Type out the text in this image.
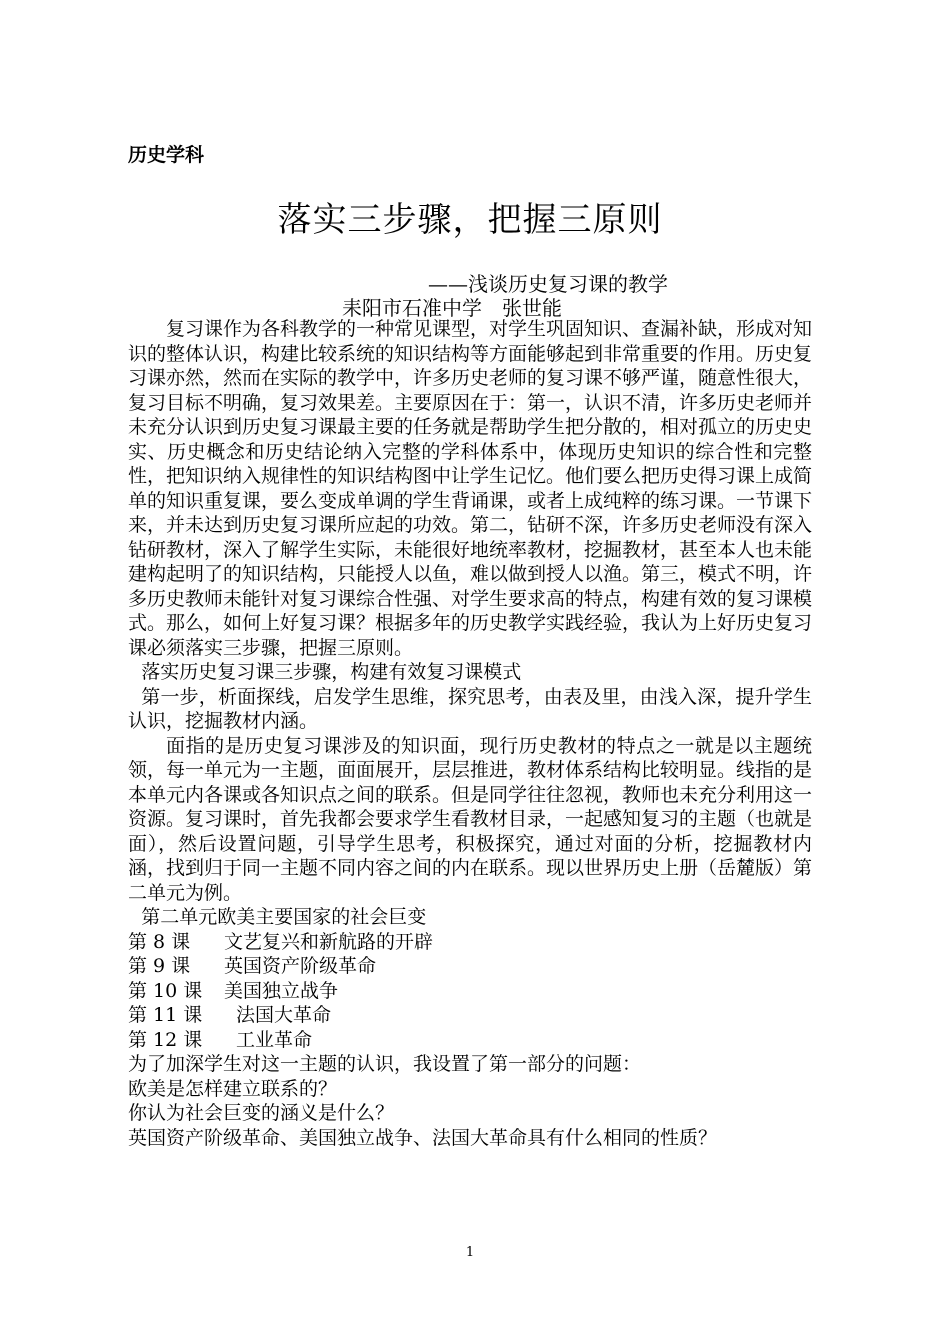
历史学科

落实三步骤，把握三原则

——浅谈历史复习课的教学

耒阳市石准中学　张世能

复习课作为各科教学的一种常见课型，对学生巩固知识、查漏补缺，形成对知识的整体认识，构建比较系统的知识结构等方面能够起到非常重要的作用。历史复习课亦然，然而在实际的教学中，许多历史老师的复习课不够严谨，随意性很大，复习目标不明确，复习效果差。主要原因在于：第一，认识不清，许多历史老师并未充分认识到历史复习课最主要的任务就是帮助学生把分散的，相对孤立的历史史实、历史概念和历史结论纳入完整的学科体系中，体现历史知识的综合性和完整性，把知识纳入规律性的知识结构图中让学生记忆。他们要么把历史得习课上成简单的知识重复课，要么变成单调的学生背诵课，或者上成纯粹的练习课。一节课下来，并未达到历史复习课所应起的功效。第二，钻研不深，许多历史老师没有深入钻研教材，深入了解学生实际，未能很好地统率教材，挖掘教材，甚至本人也未能建构起明了的知识结构，只能授人以鱼，难以做到授人以渔。第三，模式不明，许多历史教师未能针对复习课综合性强、对学生要求高的特点，构建有效的复习课模式。那么，如何上好复习课？根据多年的历史教学实践经验，我认为上好历史复习课必须落实三步骤，把握三原则。

落实历史复习课三步骤，构建有效复习课模式

第一步，析面探线，启发学生思维，探究思考，由表及里，由浅入深，提升学生认识，挖掘教材内涵。

面指的是历史复习课涉及的知识面，现行历史教材的特点之一就是以主题统领，每一单元为一主题，面面展开，层层推进，教材体系结构比较明显。线指的是本单元内各课或各知识点之间的联系。但是同学往往忽视，教师也未充分利用这一资源。复习课时，首先我都会要求学生看教材目录，一起感知复习的主题（也就是面），然后设置问题，引导学生思考，积极探究，通过对面的分析，挖掘教材内涵，找到归于同一主题不同内容之间的内在联系。现以世界历史上册（岳麓版）第二单元为例。

第二单元欧美主要国家的社会巨变

第 8 课	文艺复兴和新航路的开辟

第 9 课	英国资产阶级革命

第 10 课	美国独立战争

第 11 课	法国大革命

第 12 课	工业革命

为了加深学生对这一主题的认识，我设置了第一部分的问题：

欧美是怎样建立联系的？

你认为社会巨变的涵义是什么？

英国资产阶级革命、美国独立战争、法国大革命具有什么相同的性质？

1
